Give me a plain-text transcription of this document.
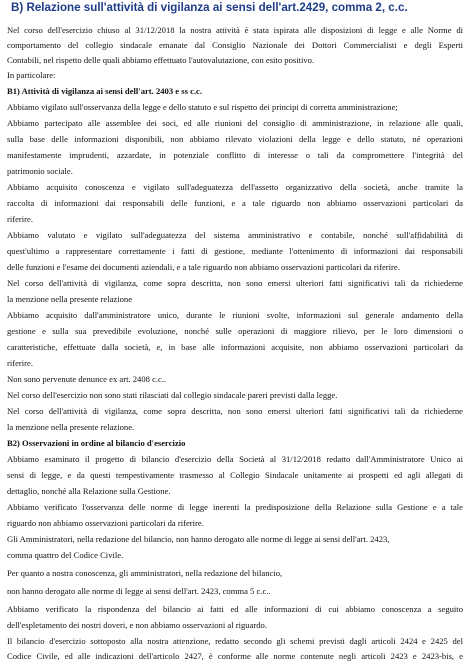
B) Relazione sull'attività di vigilanza ai sensi dell'art.2429, comma 2, c.c.
Nel corso dell'esercizio chiuso al 31/12/2018 la nostra attività è stata ispirata alle disposizioni di legge e alle Norme di
comportamento del collegio sindacale emanate dal Consiglio Nazionale dei Dottori Commercialisti e degli Esperti
Contabili, nel rispetto delle quali abbiamo effettuato l'autovalutazione, con esito positivo.
In particolare:
B1) Attività di vigilanza ai sensi dell'art. 2403 e ss c.c.
Abbiamo vigilato sull'osservanza della legge e dello statuto e sul rispetto dei principi di corretta amministrazione;
Abbiamo partecipato alle assemblee dei soci, ed alle riunioni del consiglio di amministrazione, in relazione alle quali,
sulla base delle informazioni disponibili, non abbiamo rilevato violazioni della legge e dello statuto, né operazioni
manifestamente imprudenti, azzardate, in potenziale conflitto di interesse o tali da compromettere l'integrità del
patrimonio sociale.
Abbiamo acquisito conoscenza e vigilato sull'adeguatezza dell'assetto organizzativo della società, anche tramite la
raccolta di informazioni dai responsabili delle funzioni, e a tale riguardo non abbiamo osservazioni particolari da
riferire.
Abbiamo valutato e vigilato sull'adeguatezza del sistema amministrativo e contabile, nonché sull'affidabilità di
quest'ultimo a rappresentare correttamente i fatti di gestione, mediante l'ottenimento di informazioni dai responsabili
delle funzioni e l'esame dei documenti aziendali, e a tale riguardo non abbiamo osservazioni particolari da riferire.
Nel corso dell'attività di vigilanza, come sopra descritta, non sono emersi ulteriori fatti significativi tali da richiederne
la menzione nella presente relazione
Abbiamo acquisito dall'amministratore unico, durante le riunioni svolte, informazioni sul generale andamento della
gestione e sulla sua prevedibile evoluzione, nonché sulle operazioni di maggiore rilievo, per le loro dimensioni o
caratteristiche, effettuate dalla società, e, in base alle informazioni acquisite, non abbiamo osservazioni particolari da
riferire.
Non sono pervenute denunce ex art. 2408 c.c..
Nel corso dell'esercizio non sono stati rilasciati dal collegio sindacale pareri previsti dalla legge.
Nel corso dell'attività di vigilanza, come sopra descritta, non sono emersi ulteriori fatti significativi tali da richiederne
la menzione nella presente relazione.
B2) Osservazioni in ordine al bilancio d'esercizio
Abbiamo esaminato il progetto di bilancio d'esercizio della Società al 31/12/2018 redatto dall'Amministratore Unico ai
sensi di legge, e da questi tempestivamente trasmesso al Collegio Sindacale unitamente ai prospetti ed agli allegati di
dettaglio, nonché alla Relazione sulla Gestione.
Abbiamo verificato l'osservanza delle norme di legge inerenti la predisposizione della Relazione sulla Gestione e a tale
riguardo non abbiamo osservazioni particolari da riferire.
Gli Amministratori, nella redazione del bilancio, non hanno derogato alle norme di legge ai sensi dell'art. 2423,
comma quattro del Codice Civile.
Per quanto a nostra conoscenza, gli amministratori, nella redazione del bilancio,
non hanno derogato alle norme di legge ai sensi dell'art. 2423, comma 5 c.c..
Abbiamo verificato la rispondenza del bilancio ai fatti ed alle informazioni di cui abbiamo conoscenza a seguito
dell'espletamento dei nostri doveri, e non abbiamo osservazioni al riguardo.
Il bilancio d'esercizio sottoposto alla nostra attenzione, redatto secondo gli schemi previsti dagli articoli 2424 e 2425 del
Codice Civile, ed alle indicazioni dell'articolo 2427, è conforme alle norme contenute negli articoli 2423 e 2423-bis, e
